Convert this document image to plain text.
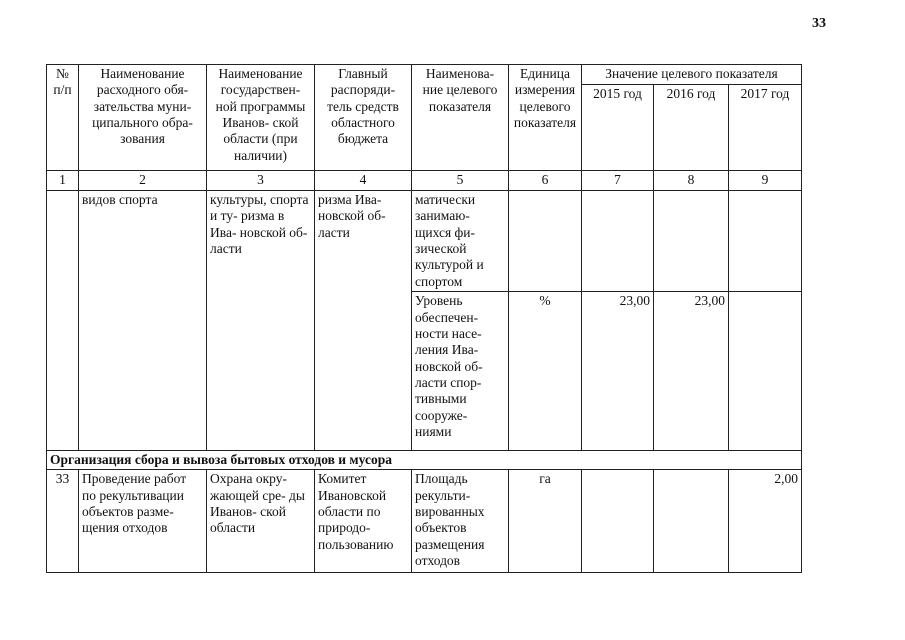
33
№ п/п	Наименование расходного обя- зательства муни- ципального обра- зования	Наименование государствен- ной программы Иванов- ской области (при наличии)	Главный распоряди- тель средств областного бюджета	Наименова- ние целевого показателя	Единица измерения целевого показателя	Значение целевого показателя		
						2015 год	2016 год	2017 год
1	2	3	4	5	6	7	8	9
	видов спорта	культуры, спорта и ту- ризма в Ива- новской об- ласти	ризма Ива- новской об- ласти	матически занимаю- щихся фи- зической культурой и спортом				
				Уровень обеспечен- ности насе- ления Ива- новской об- ласти спор- тивными сооруже- ниями	%	23,00	23,00	
Организация сбора и вывоза бытовых отходов и мусора								
33	Проведение работ по рекультивации объектов разме- щения отходов	Охрана окру- жающей сре- ды Иванов- ской области	Комитет Ивановской области по природо- пользованию	Площадь рекульти- вированных объектов размещения отходов	га			2,00
